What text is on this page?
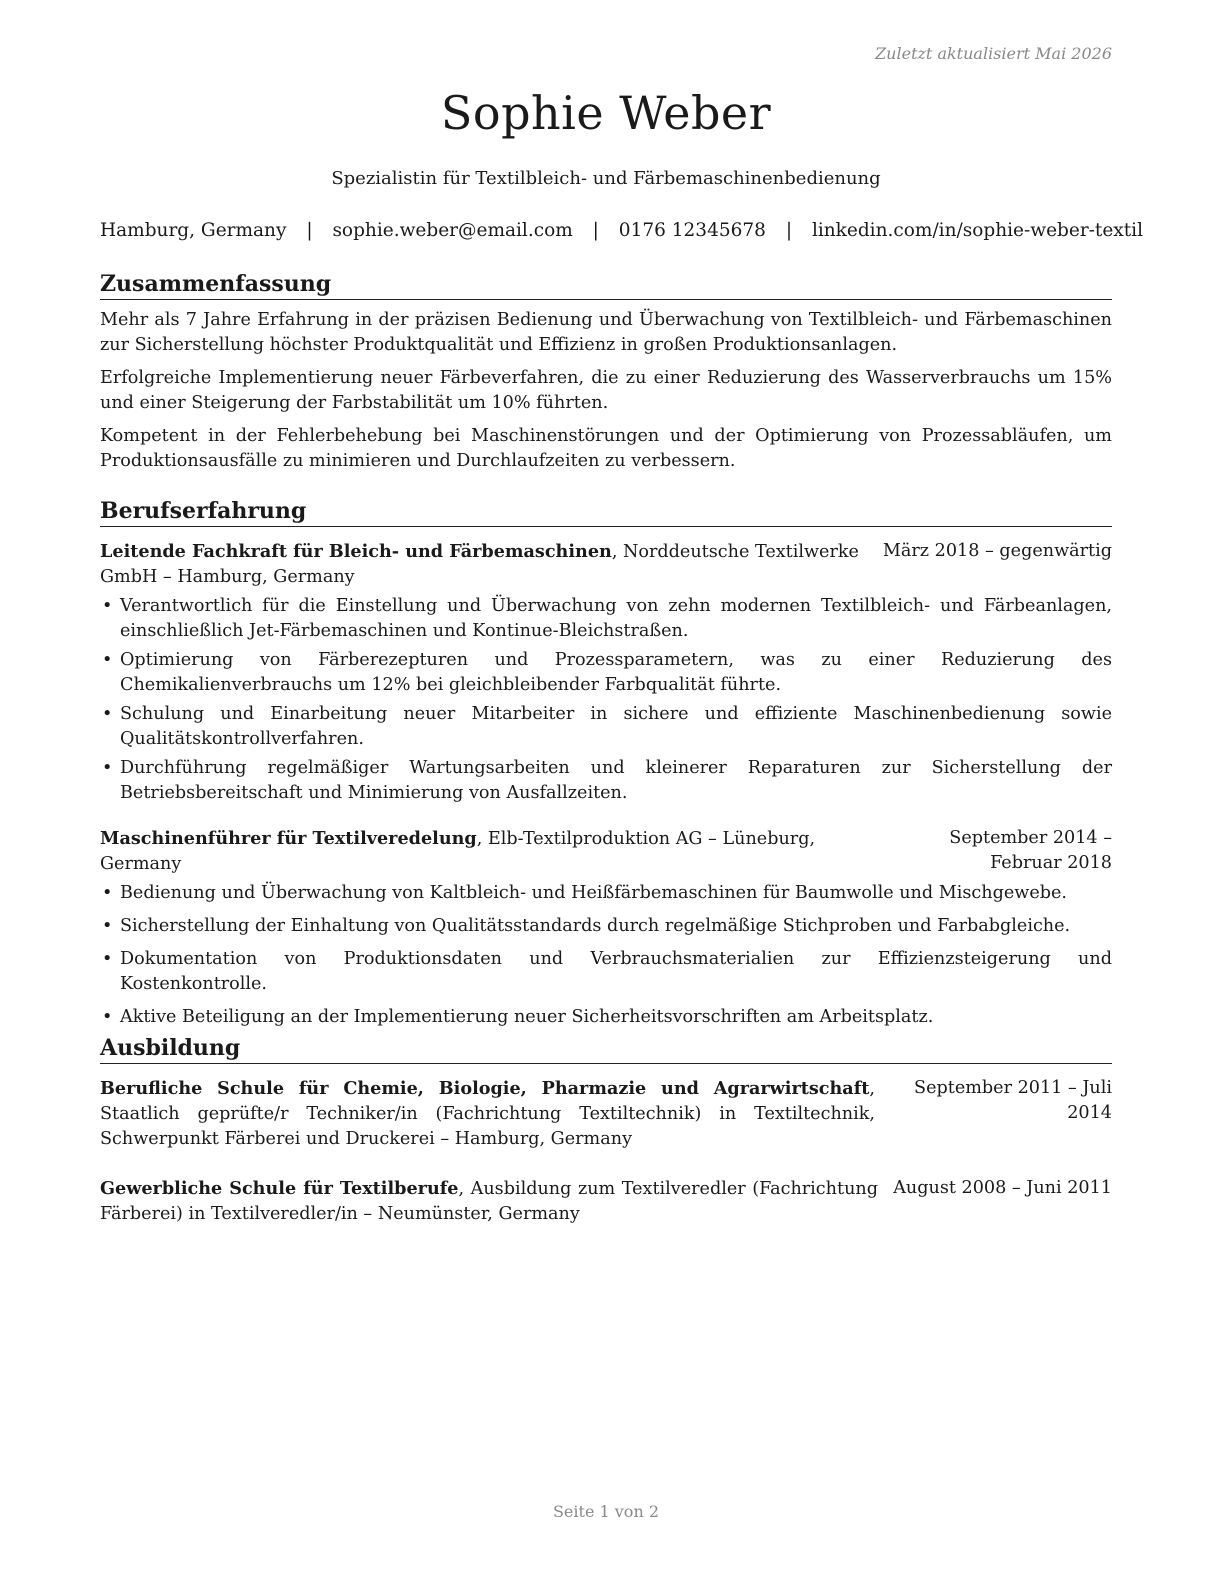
Zuletzt aktualisiert Mai 2026
Sophie Weber
Spezialistin für Textilbleich- und Färbemaschinenbedienung
Hamburg, Germany | sophie.weber@email.com | 0176 12345678 | linkedin.com/in/sophie-weber-textil
Zusammenfassung

Mehr als 7 Jahre Erfahrung in der präzisen Bedienung und Überwachung von Textilbleich- und Färbemaschinen zur Sicherstellung höchster Produktqualität und Effizienz in großen Produktionsanlagen.

Erfolgreiche Implementierung neuer Färbeverfahren, die zu einer Reduzierung des Wasserverbrauchs um 15% und einer Steigerung der Farbstabilität um 10% führten.

Kompetent in der Fehlerbehebung bei Maschinenstörungen und der Optimierung von Prozessabläufen, um Produktionsausfälle zu minimieren und Durchlaufzeiten zu verbessern.

Berufserfahrung
Leitende Fachkraft für Bleich- und Färbemaschinen, Norddeutsche Textilwerke GmbH – Hamburg, Germany
März 2018 – gegenwärtig
• Verantwortlich für die Einstellung und Überwachung von zehn modernen Textilbleich- und Färbeanlagen, einschließlich Jet-Färbemaschinen und Kontinue-Bleichstraßen.
• Optimierung von Färberezepturen und Prozessparametern, was zu einer Reduzierung des Chemikalienverbrauchs um 12% bei gleichbleibender Farbqualität führte.
• Schulung und Einarbeitung neuer Mitarbeiter in sichere und effiziente Maschinenbedienung sowie Qualitätskontrollverfahren.
• Durchführung regelmäßiger Wartungsarbeiten und kleinerer Reparaturen zur Sicherstellung der Betriebsbereitschaft und Minimierung von Ausfallzeiten.
Maschinenführer für Textilveredelung, Elb-Textilproduktion AG – Lüneburg, Germany
September 2014 – Februar 2018
• Bedienung und Überwachung von Kaltbleich- und Heißfärbemaschinen für Baumwolle und Mischgewebe.
• Sicherstellung der Einhaltung von Qualitätsstandards durch regelmäßige Stichproben und Farbabgleiche.
• Dokumentation von Produktionsdaten und Verbrauchsmaterialien zur Effizienzsteigerung und Kostenkontrolle.
• Aktive Beteiligung an der Implementierung neuer Sicherheitsvorschriften am Arbeitsplatz.
Ausbildung
Berufliche Schule für Chemie, Biologie, Pharmazie und Agrarwirtschaft, Staatlich geprüfte/r Techniker/in (Fachrichtung Textiltechnik) in Textiltechnik, Schwerpunkt Färberei und Druckerei – Hamburg, Germany
September 2011 – Juli 2014
Gewerbliche Schule für Textilberufe, Ausbildung zum Textilveredler (Fachrichtung Färberei) in Textilveredler/in – Neumünster, Germany
August 2008 – Juni 2011
Seite 1 von 2
